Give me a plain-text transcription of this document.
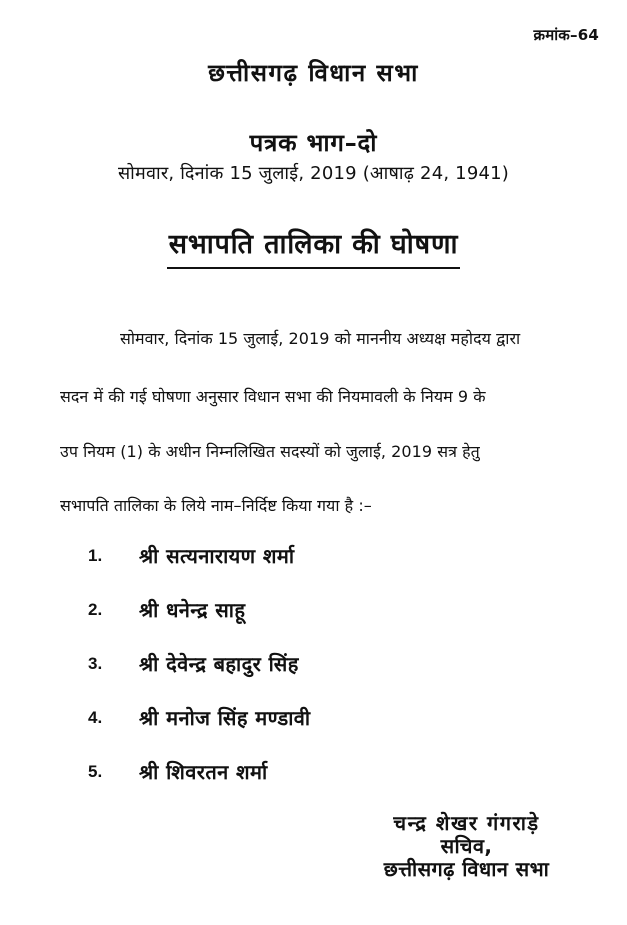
क्रमांक–64
छत्तीसगढ़ विधान सभा
पत्रक भाग–दो
सोमवार, दिनांक 15 जुलाई, 2019 (आषाढ़ 24, 1941)
सभापति तालिका की घोषणा

सोमवार, दिनांक 15 जुलाई, 2019 को माननीय अध्यक्ष महोदय द्वारा

सदन में की गई घोषणा अनुसार विधान सभा की नियमावली के नियम 9 के

उप नियम (1) के अधीन निम्नलिखित सदस्यों को जुलाई, 2019 सत्र हेतु

सभापति तालिका के लिये नाम–निर्दिष्ट किया गया है :–

1.	श्री सत्यनारायण शर्मा
2.	श्री धनेन्द्र साहू
3.	श्री देवेन्द्र बहादुर सिंह
4.	श्री मनोज सिंह मण्डावी
5.	श्री शिवरतन शर्मा
चन्द्र शेखर गंगराड़े
सचिव,
छत्तीसगढ़ विधान सभा
